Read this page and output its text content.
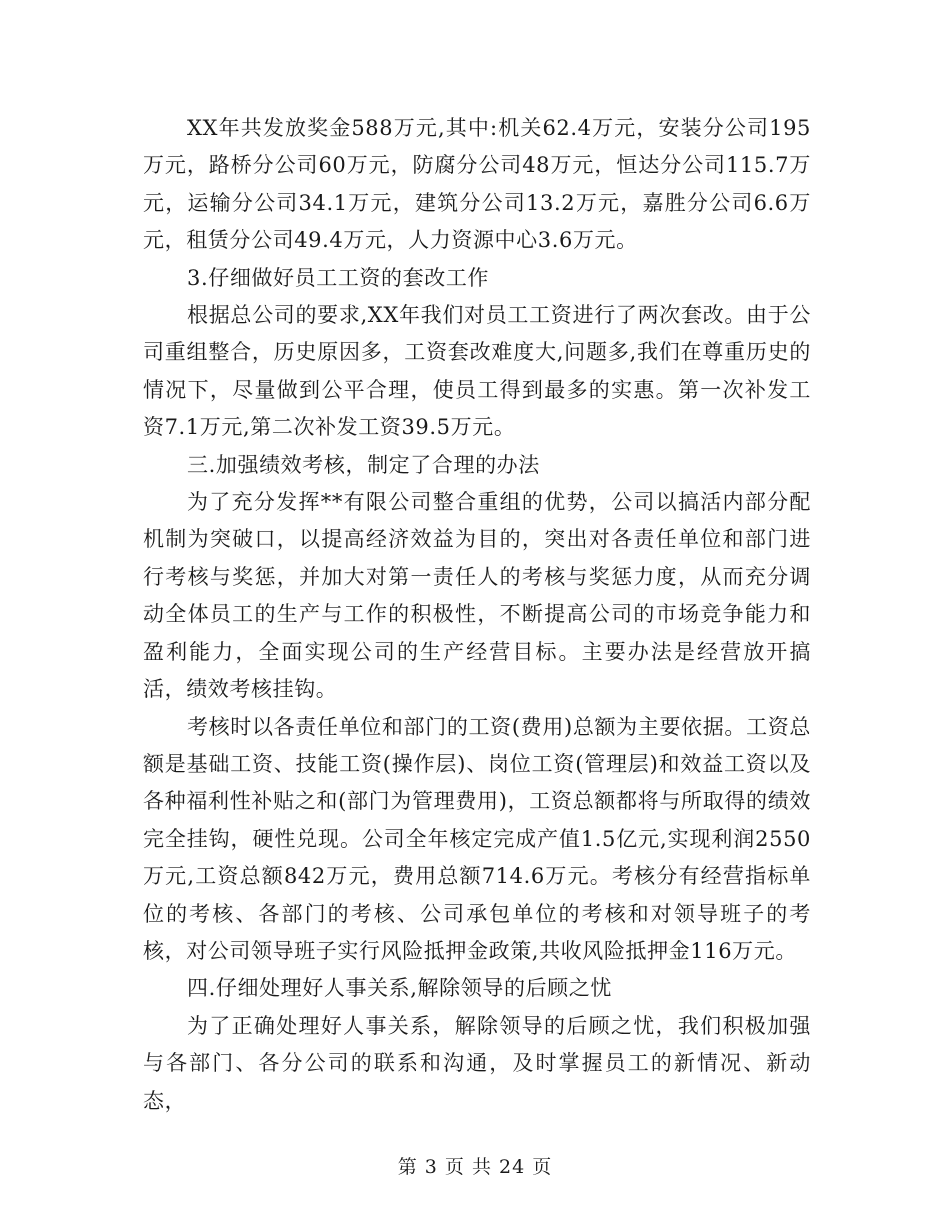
XX年共发放奖金588万元,其中:机关62.4万元，安装分公司195万元，路桥分公司60万元，防腐分公司48万元，恒达分公司115.7万元，运输分公司34.1万元，建筑分公司13.2万元，嘉胜分公司6.6万元，租赁分公司49.4万元，人力资源中心3.6万元。

3.仔细做好员工工资的套改工作

根据总公司的要求,XX年我们对员工工资进行了两次套改。由于公司重组整合，历史原因多，工资套改难度大,问题多,我们在尊重历史的情况下，尽量做到公平合理，使员工得到最多的实惠。第一次补发工资7.1万元,第二次补发工资39.5万元。

三.加强绩效考核，制定了合理的办法

为了充分发挥**有限公司整合重组的优势，公司以搞活内部分配机制为突破口，以提高经济效益为目的，突出对各责任单位和部门进行考核与奖惩，并加大对第一责任人的考核与奖惩力度，从而充分调动全体员工的生产与工作的积极性，不断提高公司的市场竞争能力和盈利能力，全面实现公司的生产经营目标。主要办法是经营放开搞活，绩效考核挂钩。

考核时以各责任单位和部门的工资(费用)总额为主要依据。工资总额是基础工资、技能工资(操作层)、岗位工资(管理层)和效益工资以及各种福利性补贴之和(部门为管理费用)，工资总额都将与所取得的绩效完全挂钩，硬性兑现。公司全年核定完成产值1.5亿元,实现利润2550万元,工资总额842万元，费用总额714.6万元。考核分有经营指标单位的考核、各部门的考核、公司承包单位的考核和对领导班子的考核，对公司领导班子实行风险抵押金政策,共收风险抵押金116万元。

四.仔细处理好人事关系,解除领导的后顾之忧

为了正确处理好人事关系，解除领导的后顾之忧，我们积极加强与各部门、各分公司的联系和沟通，及时掌握员工的新情况、新动态，

第 3 页 共 24 页
